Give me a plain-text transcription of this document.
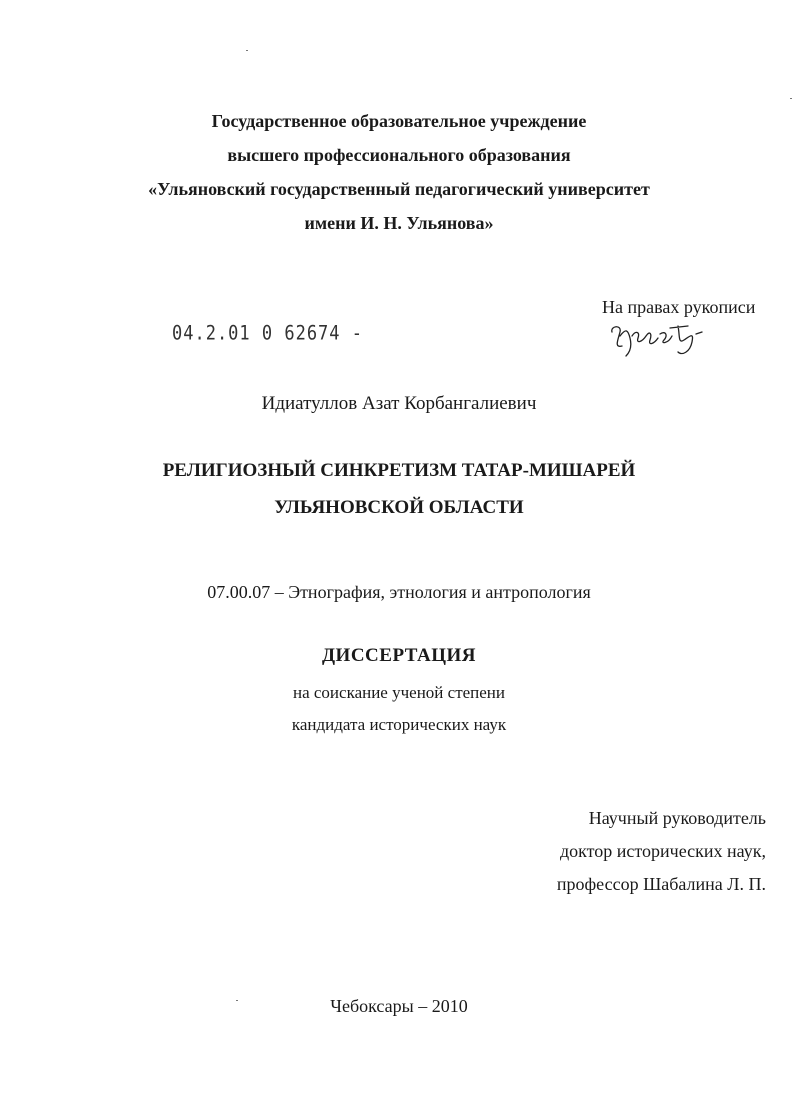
Государственное образовательное учреждение
высшего профессионального образования
«Ульяновский государственный педагогический университет
имени И. Н. Ульянова»
04.2.01 0 62674 -
На правах рукописи
Идиатуллов Азат Корбангалиевич
РЕЛИГИОЗНЫЙ СИНКРЕТИЗМ ТАТАР-МИШАРЕЙ
УЛЬЯНОВСКОЙ ОБЛАСТИ
07.00.07 – Этнография, этнология и антропология
ДИССЕРТАЦИЯ
на соискание ученой степени
кандидата исторических наук
Научный руководитель
доктор исторических наук,
профессор Шабалина Л. П.
Чебоксары – 2010
